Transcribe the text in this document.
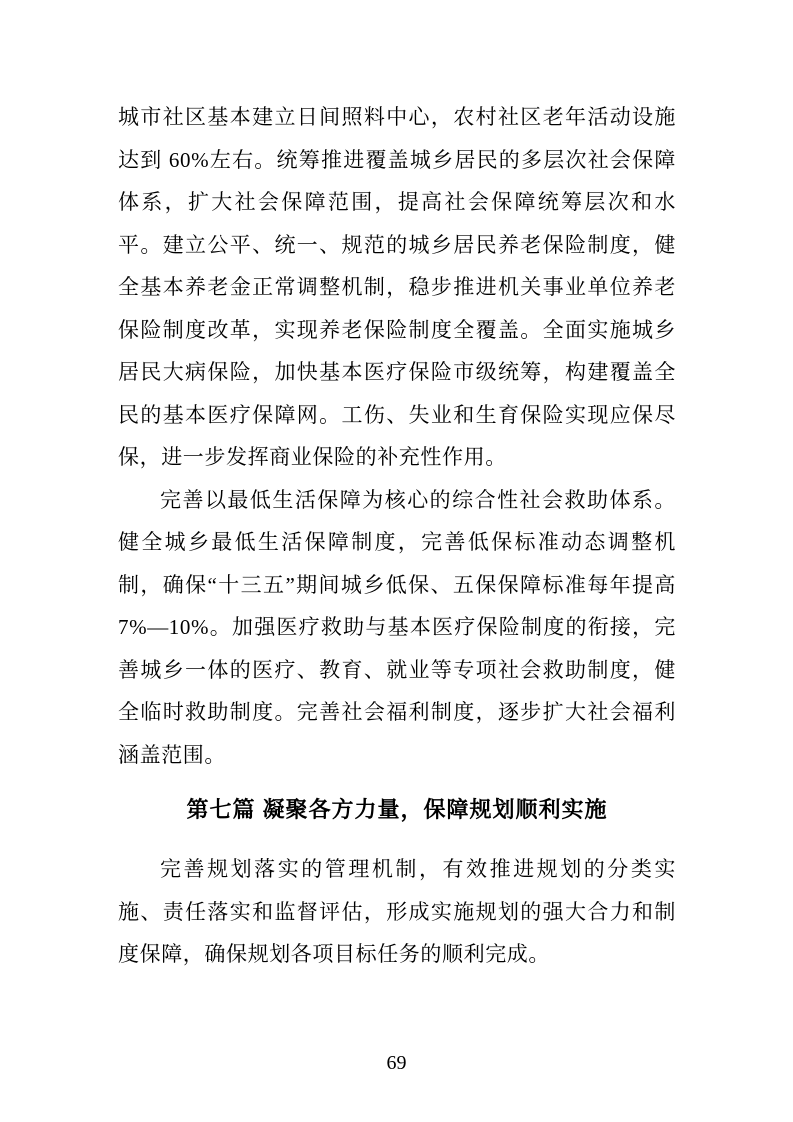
城市社区基本建立日间照料中心，农村社区老年活动设施达到 60%左右。统筹推进覆盖城乡居民的多层次社会保障体系，扩大社会保障范围，提高社会保障统筹层次和水平。建立公平、统一、规范的城乡居民养老保险制度，健全基本养老金正常调整机制，稳步推进机关事业单位养老保险制度改革，实现养老保险制度全覆盖。全面实施城乡居民大病保险，加快基本医疗保险市级统筹，构建覆盖全民的基本医疗保障网。工伤、失业和生育保险实现应保尽保，进一步发挥商业保险的补充性作用。

完善以最低生活保障为核心的综合性社会救助体系。健全城乡最低生活保障制度，完善低保标准动态调整机制，确保“十三五”期间城乡低保、五保保障标准每年提高 7%—10%。加强医疗救助与基本医疗保险制度的衔接，完善城乡一体的医疗、教育、就业等专项社会救助制度，健全临时救助制度。完善社会福利制度，逐步扩大社会福利涵盖范围。

第七篇 凝聚各方力量，保障规划顺利实施

完善规划落实的管理机制，有效推进规划的分类实施、责任落实和监督评估，形成实施规划的强大合力和制度保障，确保规划各项目标任务的顺利完成。

69
